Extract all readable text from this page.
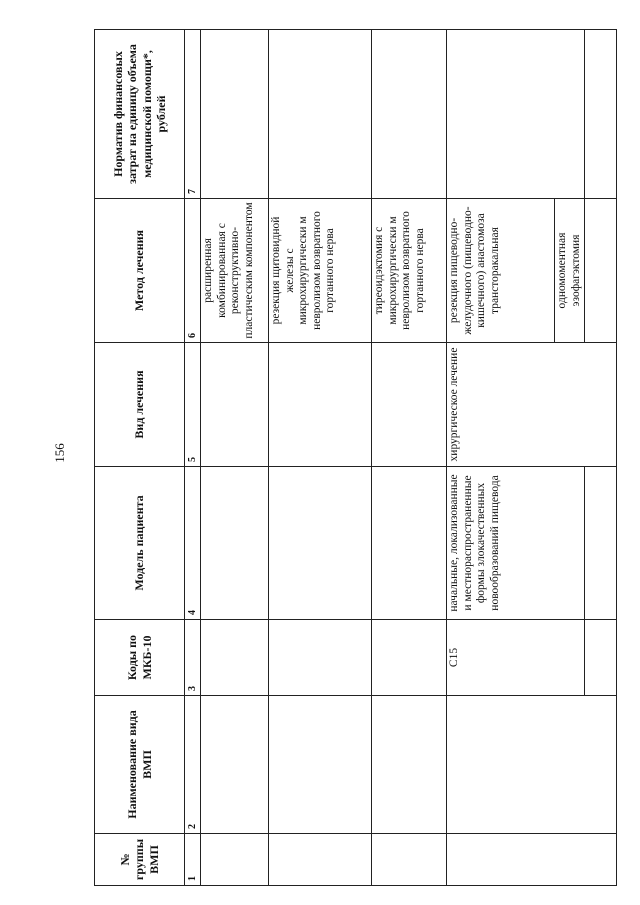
156
№ группы ВМП	Наименование вида ВМП	Коды по МКБ-10	Модель пациента	Вид лечения	Метод лечения	Норматив финансовых затрат на единицу объема медицинской помощи*, рублей
1	2	3	4	5	6	7

					расширенная комбинированная с реконструктивно-пластическим компонентом	

					резекция щитовидной железы с микрохирургически м невролизом возвратного гортанного нерва	

					тиреоидэктомия с микрохирургически м невролизом возвратного гортанного нерва	

		C15	начальные, локализованные и местнораспространенные формы злокачественных новообразований пищевода	хирургическое лечение	резекция пищеводно-желудочного (пищеводно-кишечного) анастомоза трансторакальная	

					одномоментная эзофагэктомия	
